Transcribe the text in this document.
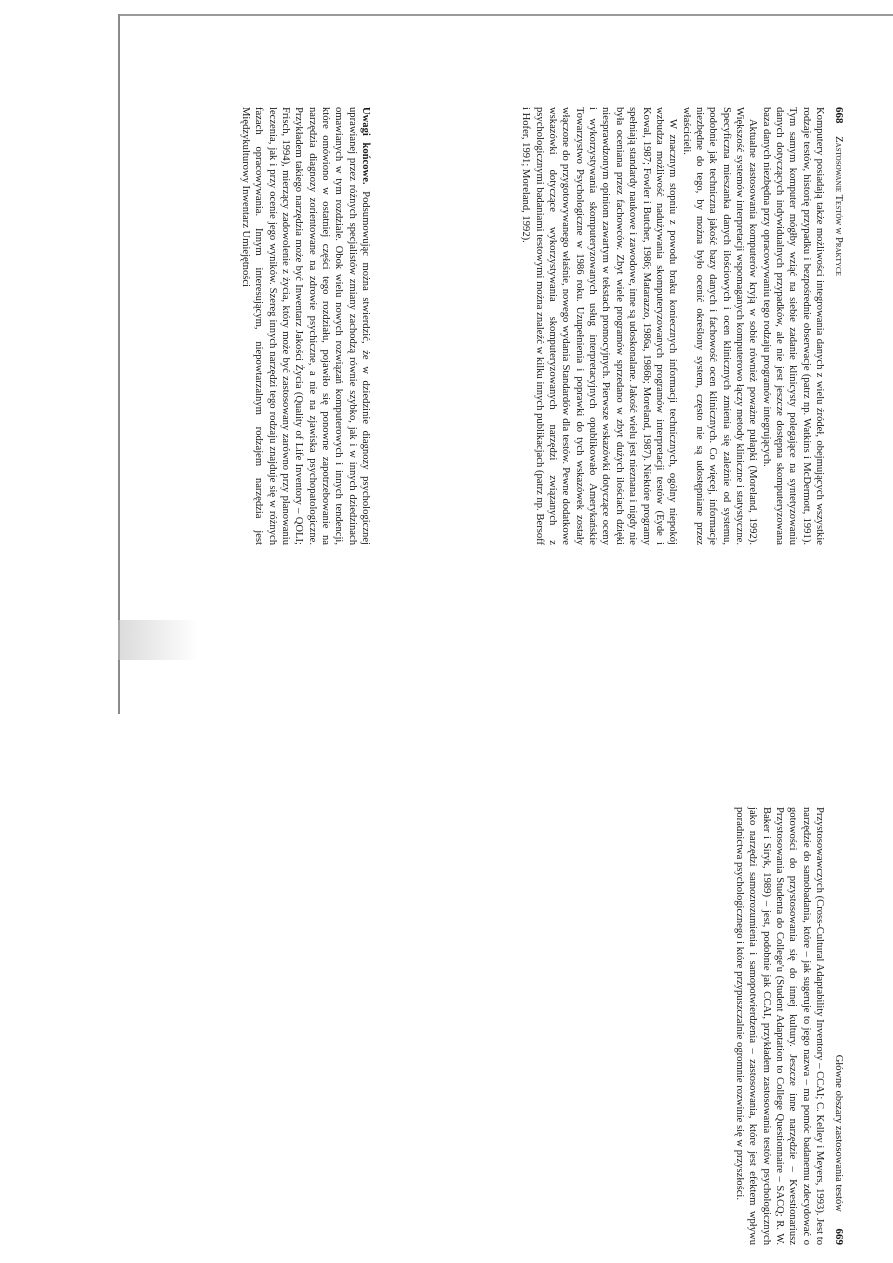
668 Zastosowanie Testów w Praktyce

Komputery posiadają także możliwości integrowania danych z wielu źródeł, obejmujących wszystkie rodzaje testów, historię przypadku i bezpośrednie obserwacje (patrz np. Watkins i McDermott, 1991). Tym samym komputer mógłby wziąć na siebie zadanie klinicysty polegające na syntetyzowaniu danych dotyczących indywidualnych przypadków, ale nie jest jeszcze dostępna skomputeryzowana baza danych niezbędna przy opracowywaniu tego rodzaju programów integrujących.

Aktualne zastosowania komputerów kryją w sobie również poważne pułapki (Moreland, 1992). Większość systemów interpretacji wspomaganych komputerowo łączy metody kliniczne i statystyczne. Specyficzna mieszanka danych ilościowych i ocen klinicznych zmienia się zależnie od systemu, podobnie jak techniczna jakość bazy danych i fachowość ocen klinicznych. Co więcej, informacje niezbędne do tego, by można było ocenić określony system, często nie są udostępniane przez właścicieli.

W znacznym stopniu z powodu braku koniecznych informacji technicznych, ogólny niepokój wzbudza możliwość nadużywania skomputeryzowanych programów interpretacji testów (Eyde i Kowal, 1987; Fowler i Butcher, 1986; Matarazzo, 1986a, 1986b; Moreland, 1987). Niektóre programy spełniają standardy naukowe i zawodowe, inne są udoskonalane. Jakość wielu jest nieznana i nigdy nie była oceniana przez fachowców. Zbyt wiele programów sprzedano w zbyt dużych ilościach dzięki niesprawdzonym opiniom zawartym w tekstach promocyjnych. Pierwsze wskazówki dotyczące oceny i wykorzystywania skomputeryzowanych usług interpretacyjnych opublikowało Amerykańskie Towarzystwo Psychologiczne w 1986 roku. Uzupełnienia i poprawki do tych wskazówek zostały włączone do przygotowywanego właśnie, nowego wydania Standardów dla testów. Pewne dodatkowe wskazówki dotyczące wykorzystywania skomputeryzowanych narzędzi związanych z psychologicznymi badaniami testowymi można znaleźć w kilku innych publikacjach (patrz np. Bersoff i Hofer, 1991; Moreland, 1992).

Uwagi końcowe. Podsumowując można stwierdzić, że w dziedzinie diagnozy psychologicznej uprawianej przez różnych specjalistów zmiany zachodzą równie szybko, jak i w innych dziedzinach omawianych w tym rozdziale. Obok wielu nowych rozwiązań komputerowych i innych tendencji, które omówiono w ostatniej części tego rozdziału, pojawiło się ponowne zapotrzebowanie na narzędzia diagnozy zorientowane na zdrowie psychiczne, a nie na zjawiska psychopatologiczne. Przykładem takiego narzędzia może być Inwentarz Jakości Życia (Quality of Life Inventory – QOLI; Frisch, 1994), mierzący zadowolenie z życia, który może być zastosowany zarówno przy planowaniu leczenia, jak i przy ocenie jego wyników. Szereg innych narzędzi tego rodzaju znajduje się w różnych fazach opracowywania. Innym interesującym, niepowtarzalnym rodzajem narzędzia jest Międzykulturowy Inwentarz Umiejętności

Główne obszary zastosowania testów 669

Przystosowawczych (Cross-Cultural Adaptability Inventory – CCAI; C. Kelley i Meyers, 1993). Jest to narzędzie do samobadania, które – jak sugeruje to jego nazwa – ma pomóc badanemu zdecydować o gotowości do przystosowania się do innej kultury. Jeszcze inne narzędzie – Kwestionariusz Przystosowania Studenta do College'u (Student Adaptation to College Questionnaire – SACQ; R. W. Baker i Siryk, 1989) – jest, podobnie jak CCAI, przykładem zastosowania testów psychologicznych jako narzędzi samozrozumienia i samopotwierdzenia – zastosowania, które jest efektem wpływu poradnictwa psychologicznego i które przypuszczalnie ogromnie rozwinie się w przyszłości.
